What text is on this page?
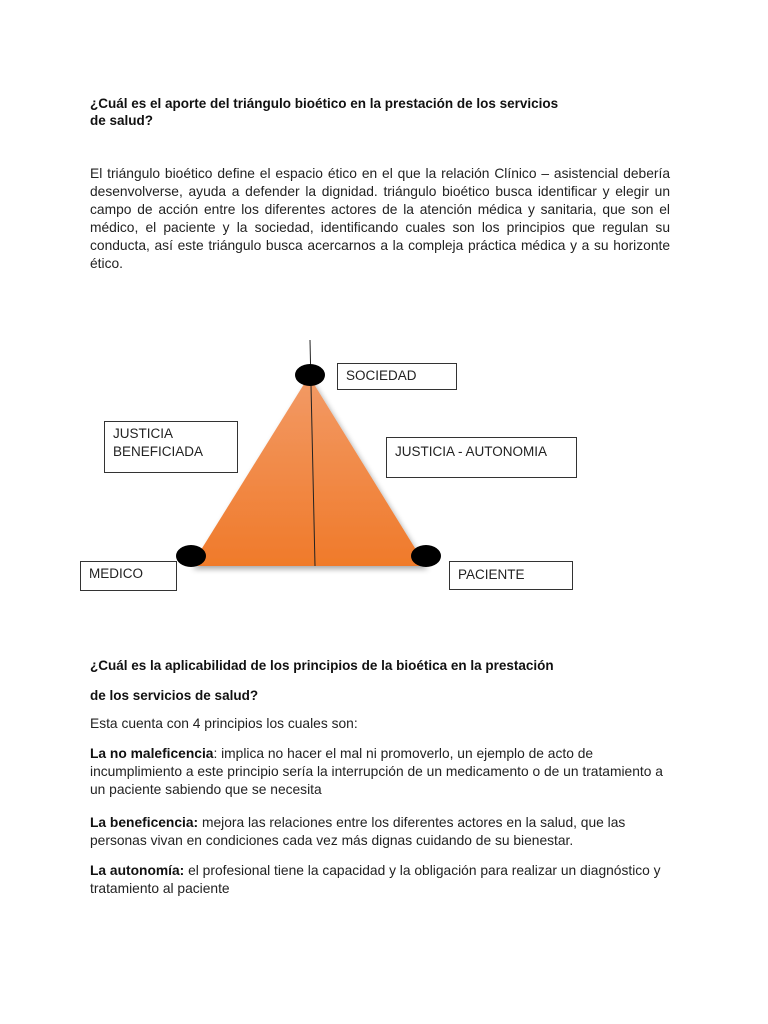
¿Cuál es el aporte del triángulo bioético en la prestación de los servicios
de salud?

El triángulo bioético define el espacio ético en el que la relación Clínico – asistencial debería desenvolverse, ayuda a defender la dignidad. triángulo bioético busca identificar y elegir un campo de acción entre los diferentes actores de la atención médica y sanitaria, que son el médico, el paciente y la sociedad, identificando cuales son los principios que regulan su conducta, así este triángulo busca acercarnos a la compleja práctica médica y a su horizonte ético.

SOCIEDAD
JUSTICIA
BENEFICIADA	JUSTICIA - AUTONOMIA
MEDICO	PACIENTE
¿Cuál es la aplicabilidad de los principios de la bioética en la prestación
de los servicios de salud?

Esta cuenta con 4 principios los cuales son:

La no maleficencia: implica no hacer el mal ni promoverlo, un ejemplo de acto de incumplimiento a este principio sería la interrupción de un medicamento o de un tratamiento a un paciente sabiendo que se necesita

La beneficencia: mejora las relaciones entre los diferentes actores en la salud, que las personas vivan en condiciones cada vez más dignas cuidando de su bienestar.

La autonomía: el profesional tiene la capacidad y la obligación para realizar un diagnóstico y tratamiento al paciente
